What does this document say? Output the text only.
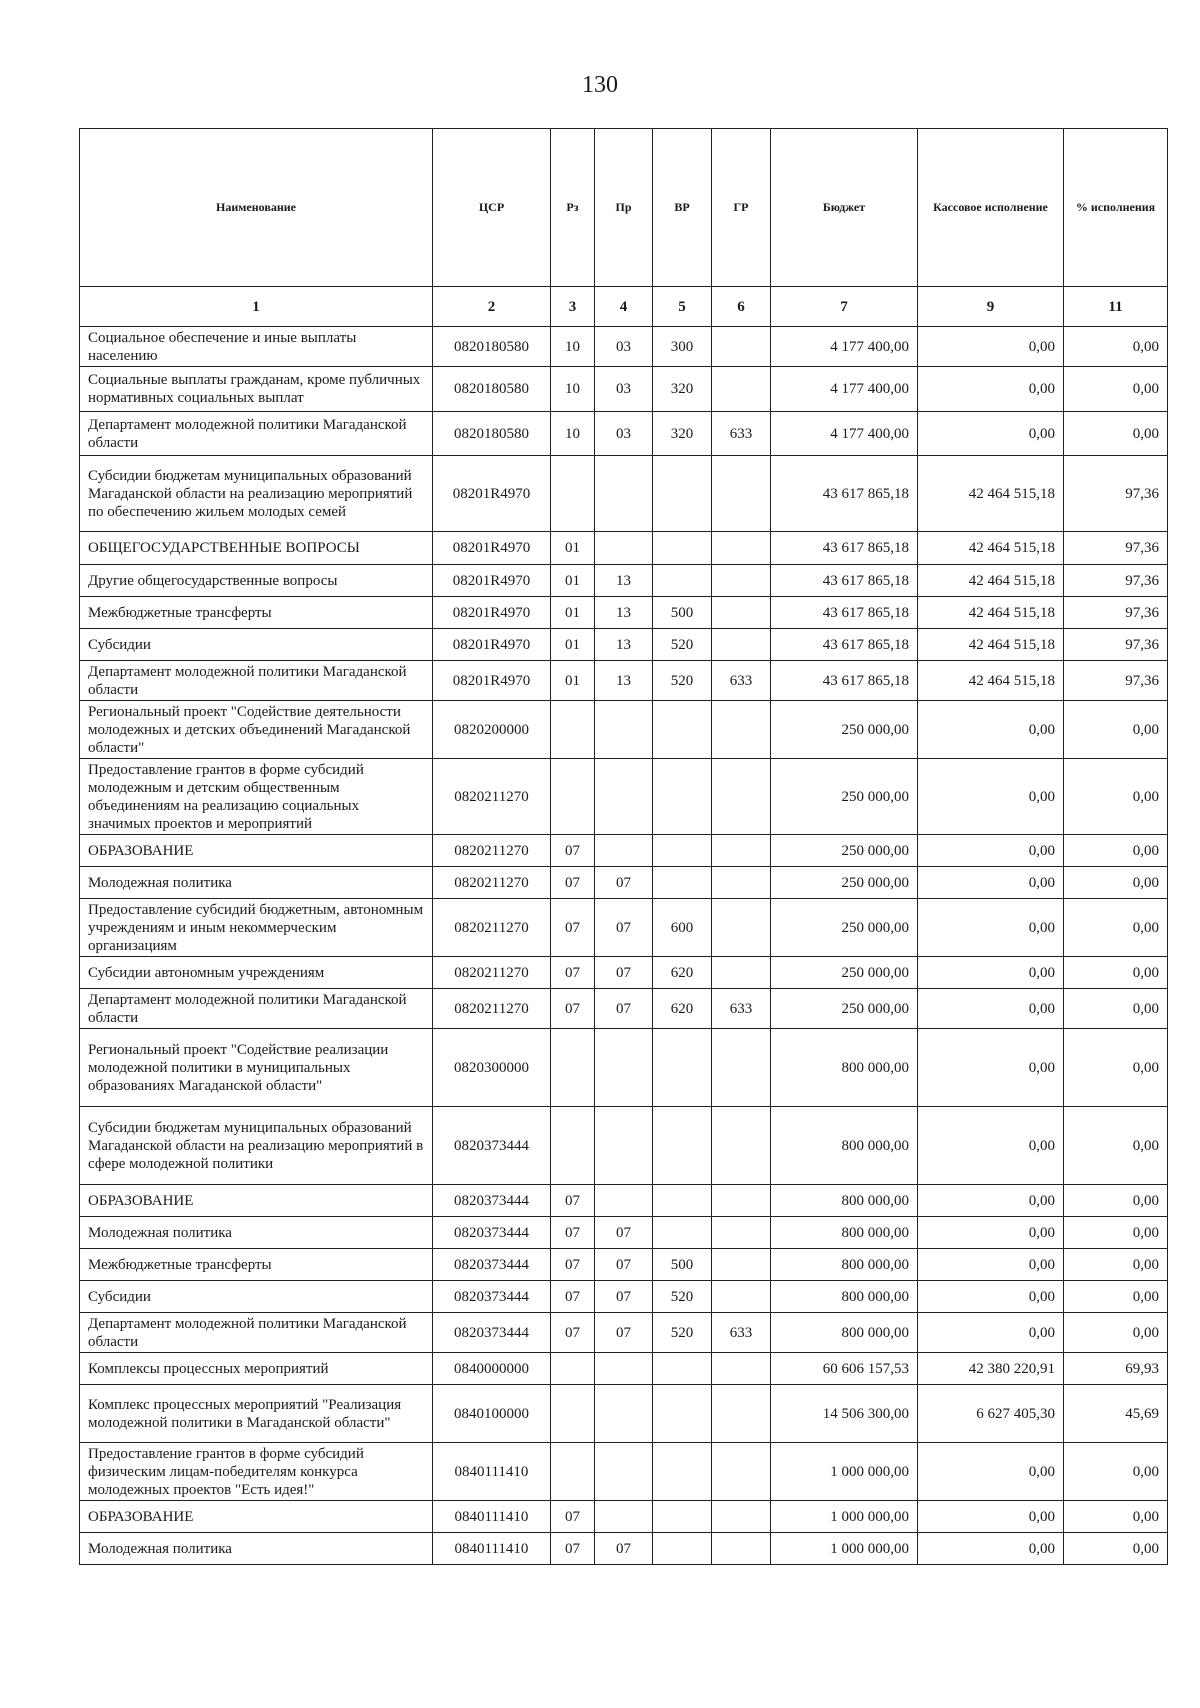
130
Наименование	ЦСР	Рз	Пр	ВР	ГР	Бюджет	Кассовое исполнение	% исполнения
1	2	3	4	5	6	7	9	11
Социальное обеспечение и иные выплаты населению	0820180580	10	03	300		4 177 400,00	0,00	0,00
Социальные выплаты гражданам, кроме публичных нормативных социальных выплат	0820180580	10	03	320		4 177 400,00	0,00	0,00
Департамент молодежной политики Магаданской области	0820180580	10	03	320	633	4 177 400,00	0,00	0,00
Субсидии бюджетам муниципальных образований Магаданской области на реализацию мероприятий по обеспечению жильем молодых семей	08201R4970					43 617 865,18	42 464 515,18	97,36
ОБЩЕГОСУДАРСТВЕННЫЕ ВОПРОСЫ	08201R4970	01				43 617 865,18	42 464 515,18	97,36
Другие общегосударственные вопросы	08201R4970	01	13			43 617 865,18	42 464 515,18	97,36
Межбюджетные трансферты	08201R4970	01	13	500		43 617 865,18	42 464 515,18	97,36
Субсидии	08201R4970	01	13	520		43 617 865,18	42 464 515,18	97,36
Департамент молодежной политики Магаданской области	08201R4970	01	13	520	633	43 617 865,18	42 464 515,18	97,36
Региональный проект "Содействие деятельности молодежных и детских объединений Магаданской области"	0820200000					250 000,00	0,00	0,00
Предоставление грантов в форме субсидий молодежным и детским общественным объединениям на реализацию социальных значимых проектов и мероприятий	0820211270					250 000,00	0,00	0,00
ОБРАЗОВАНИЕ	0820211270	07				250 000,00	0,00	0,00
Молодежная политика	0820211270	07	07			250 000,00	0,00	0,00
Предоставление субсидий бюджетным, автономным учреждениям и иным некоммерческим организациям	0820211270	07	07	600		250 000,00	0,00	0,00
Субсидии автономным учреждениям	0820211270	07	07	620		250 000,00	0,00	0,00
Департамент молодежной политики Магаданской области	0820211270	07	07	620	633	250 000,00	0,00	0,00
Региональный проект "Содействие реализации молодежной политики в муниципальных образованиях Магаданской области"	0820300000					800 000,00	0,00	0,00
Субсидии бюджетам муниципальных образований Магаданской области на реализацию мероприятий в сфере молодежной политики	0820373444					800 000,00	0,00	0,00
ОБРАЗОВАНИЕ	0820373444	07				800 000,00	0,00	0,00
Молодежная политика	0820373444	07	07			800 000,00	0,00	0,00
Межбюджетные трансферты	0820373444	07	07	500		800 000,00	0,00	0,00
Субсидии	0820373444	07	07	520		800 000,00	0,00	0,00
Департамент молодежной политики Магаданской области	0820373444	07	07	520	633	800 000,00	0,00	0,00
Комплексы процессных мероприятий	0840000000					60 606 157,53	42 380 220,91	69,93
Комплекс процессных мероприятий "Реализация молодежной политики в Магаданской области"	0840100000					14 506 300,00	6 627 405,30	45,69
Предоставление грантов в форме субсидий физическим лицам-победителям конкурса молодежных проектов "Есть идея!"	0840111410					1 000 000,00	0,00	0,00
ОБРАЗОВАНИЕ	0840111410	07				1 000 000,00	0,00	0,00
Молодежная политика	0840111410	07	07			1 000 000,00	0,00	0,00
